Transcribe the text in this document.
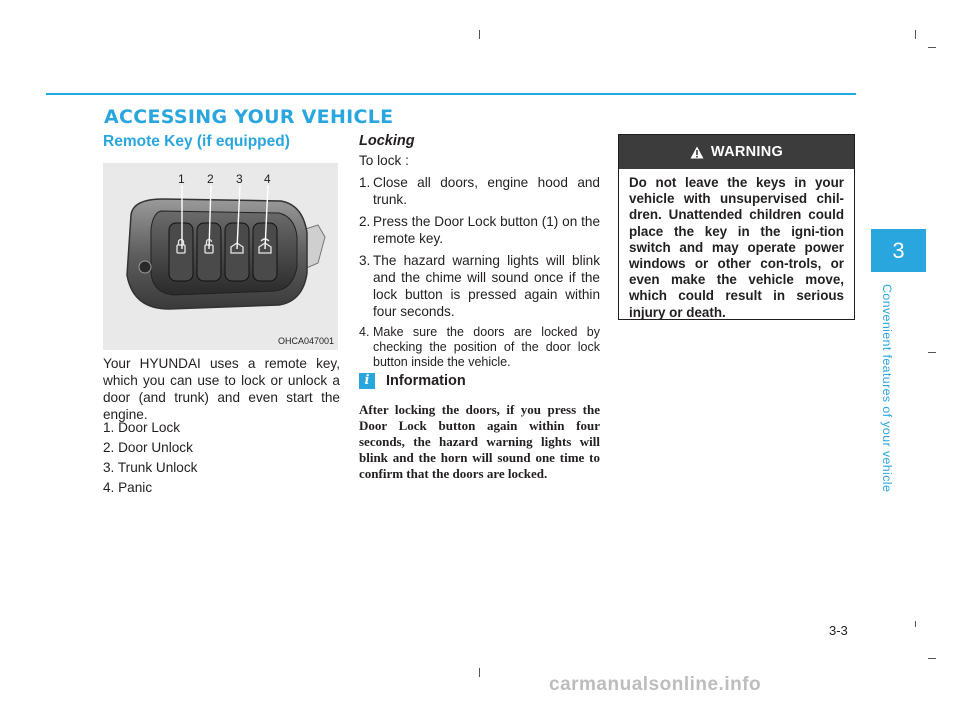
ACCESSING YOUR VEHICLE
Remote Key (if equipped)
1 2 3 4
OHCA047001
Your HYUNDAI uses a remote key, which you can use to lock or unlock a door (and trunk) and even start the engine.
1. Door Lock
2. Door Unlock
3. Trunk Unlock
4. Panic
Locking
To lock :
1. Close all doors, engine hood and trunk.
2. Press the Door Lock button (1) on the remote key.
3. The hazard warning lights will blink and the chime will sound once if the lock button is pressed again within four seconds.
4. Make sure the doors are locked by checking the position of the door lock button inside the vehicle.
i	Information
After locking the doors, if you press the Door Lock button again within four seconds, the hazard warning lights will blink and the horn will sound one time to confirm that the doors are locked.
WARNING
Do not leave the keys in your vehicle with unsupervised chil-dren. Unattended children could place the key in the igni-tion switch and may operate power windows or other con-trols, or even make the vehicle move, which could result in serious injury or death.
3
Convenient features of your vehicle
3-3
carmanualsonline.info
